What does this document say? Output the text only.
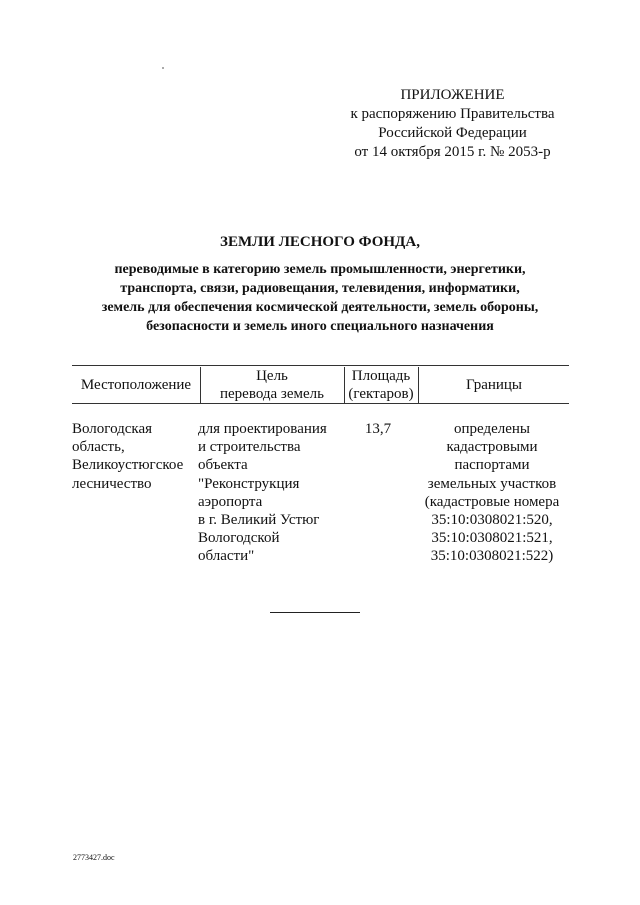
ПРИЛОЖЕНИЕ
к распоряжению Правительства
Российской Федерации
от 14 октября 2015 г. № 2053-р
ЗЕМЛИ ЛЕСНОГО ФОНДА,
переводимые в категорию земель промышленности, энергетики,
транспорта, связи, радиовещания, телевидения, информатики,
земель для обеспечения космической деятельности, земель обороны,
безопасности и земель иного специального назначения
Местоположение
Цель
перевода земель
Площадь
(гектаров)
Границы
Вологодская
область,
Великоустюгское
лесничество
для проектирования
и строительства
объекта
"Реконструкция
аэропорта
в г. Великий Устюг
Вологодской
области"
13,7	определены
кадастровыми
паспортами
земельных участков
(кадастровые номера
35:10:0308021:520,
35:10:0308021:521,
35:10:0308021:522)
2773427.doc
